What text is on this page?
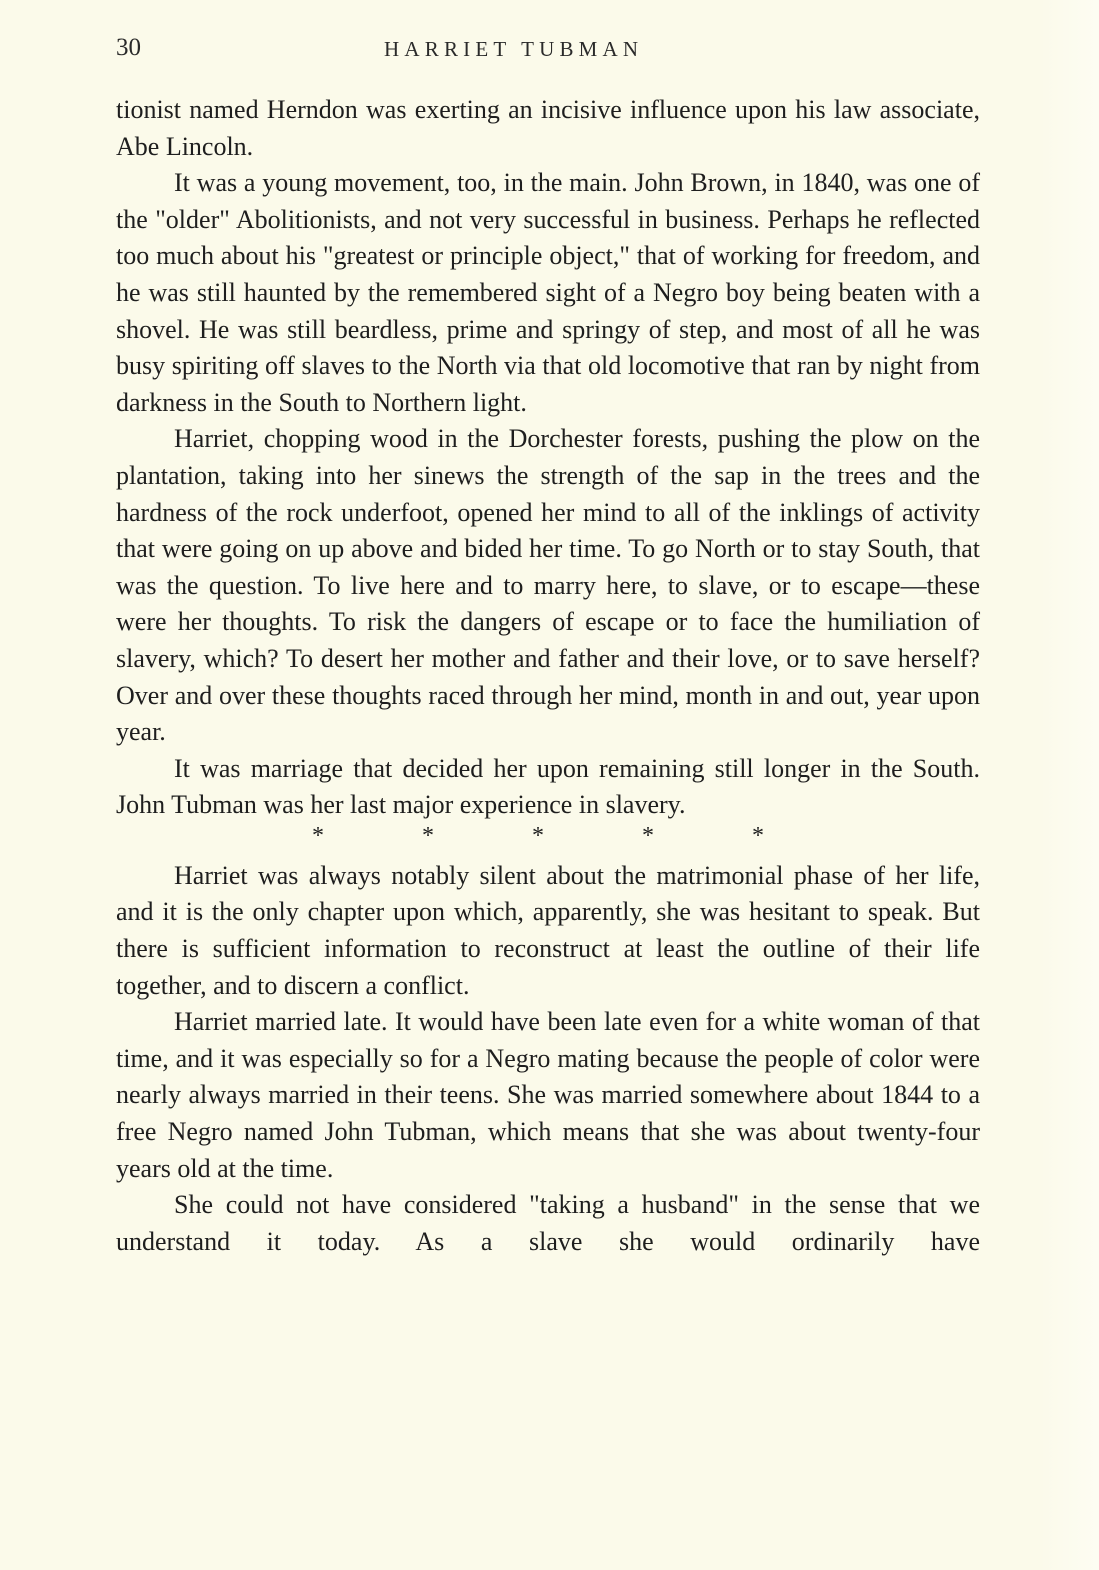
30	HARRIET TUBMAN

tionist named Herndon was exerting an incisive influence upon his law associate, Abe Lincoln.

It was a young movement, too, in the main. John Brown, in 1840, was one of the "older" Abolitionists, and not very successful in business. Perhaps he reflected too much about his "greatest or principle object," that of working for freedom, and he was still haunted by the remembered sight of a Negro boy being beaten with a shovel. He was still beardless, prime and springy of step, and most of all he was busy spiriting off slaves to the North via that old locomotive that ran by night from darkness in the South to Northern light.

Harriet, chopping wood in the Dorchester forests, pushing the plow on the plantation, taking into her sinews the strength of the sap in the trees and the hardness of the rock underfoot, opened her mind to all of the inklings of activity that were going on up above and bided her time. To go North or to stay South, that was the question. To live here and to marry here, to slave, or to escape—these were her thoughts. To risk the dangers of escape or to face the humiliation of slavery, which? To desert her mother and father and their love, or to save herself? Over and over these thoughts raced through her mind, month in and out, year upon year.

It was marriage that decided her upon remaining still longer in the South. John Tubman was her last major experience in slavery.

*	*	*	*	*

Harriet was always notably silent about the matrimonial phase of her life, and it is the only chapter upon which, apparently, she was hesitant to speak. But there is sufficient information to reconstruct at least the outline of their life together, and to discern a conflict.

Harriet married late. It would have been late even for a white woman of that time, and it was especially so for a Negro mating because the people of color were nearly always married in their teens. She was married somewhere about 1844 to a free Negro named John Tubman, which means that she was about twenty-four years old at the time.

She could not have considered "taking a husband" in the sense that we understand it today. As a slave she would ordinarily have
